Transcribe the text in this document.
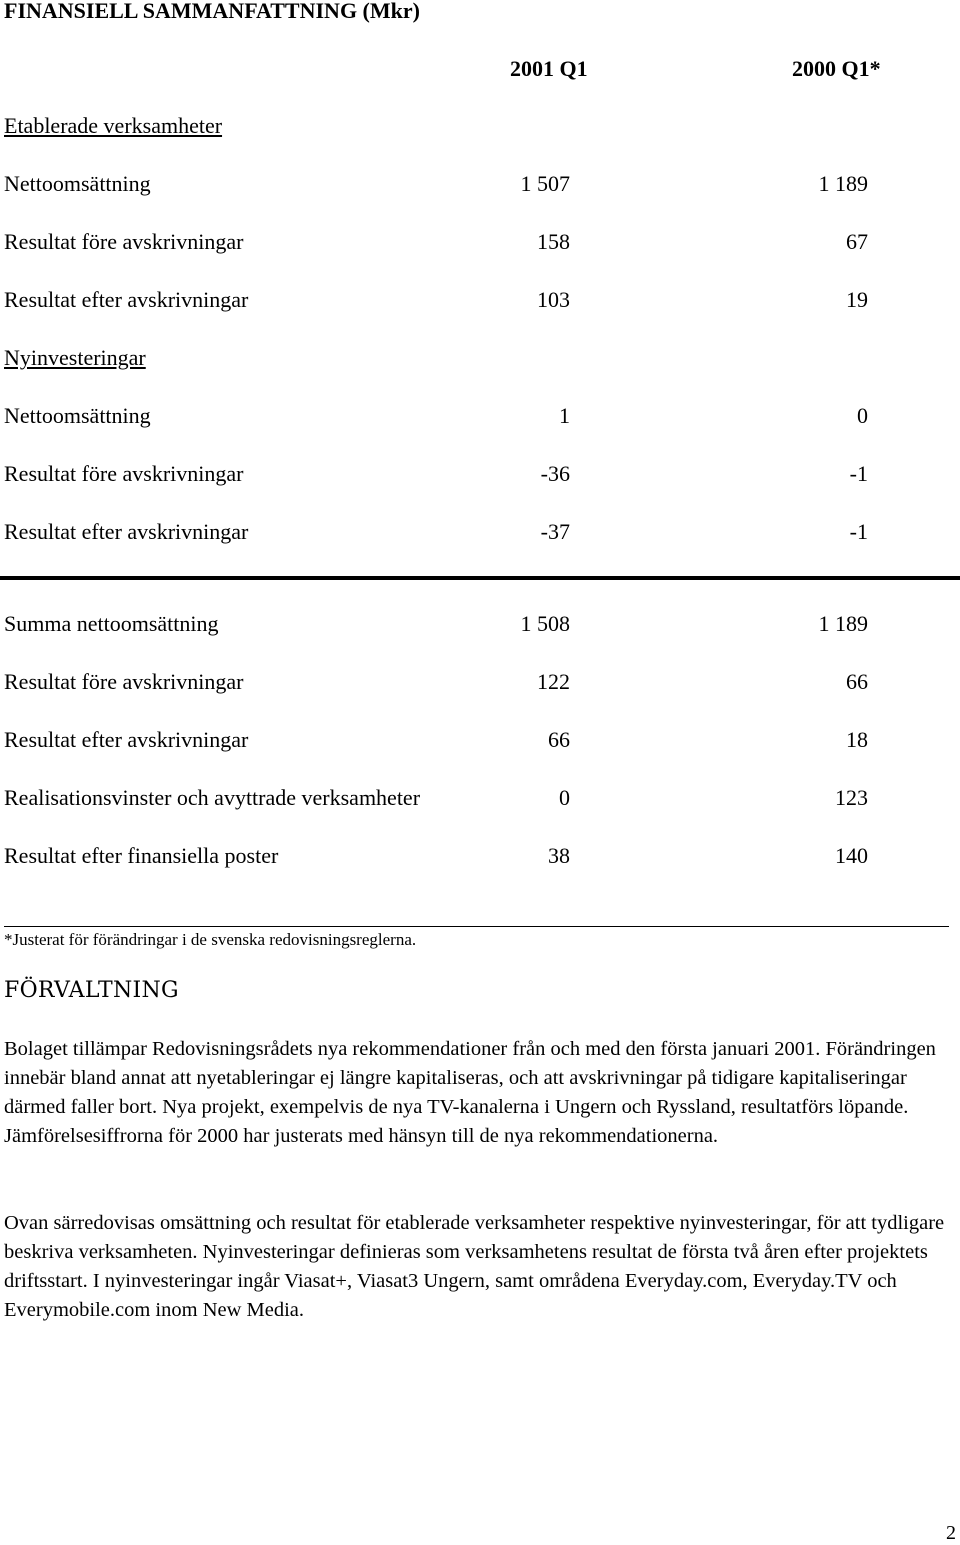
FINANSIELL SAMMANFATTNING (Mkr)
2001 Q1	2000 Q1*
Etablerade verksamheter
Nettoomsättning	1 507	1 189
Resultat före avskrivningar	158	67
Resultat efter avskrivningar	103	19
Nyinvesteringar
Nettoomsättning	1	0
Resultat före avskrivningar	-36	-1
Resultat efter avskrivningar	-37	-1
Summa nettoomsättning	1 508	1 189
Resultat före avskrivningar	122	66
Resultat efter avskrivningar	66	18
Realisationsvinster och avyttrade verksamheter	0	123
Resultat efter finansiella poster	38	140
*Justerat för förändringar i de svenska redovisningsreglerna.
FÖRVALTNING
Bolaget tillämpar Redovisningsrådets nya rekommendationer från och med den första januari 2001. Förändringen innebär bland annat att nyetableringar ej längre kapitaliseras, och att avskrivningar på tidigare kapitaliseringar därmed faller bort. Nya projekt, exempelvis de nya TV-kanalerna i Ungern och Ryssland, resultatförs löpande. Jämförelsesiffrorna för 2000 har justerats med hänsyn till de nya rekommendationerna.
Ovan särredovisas omsättning och resultat för etablerade verksamheter respektive nyinvesteringar, för att tydligare beskriva verksamheten. Nyinvesteringar definieras som verksamhetens resultat de första två åren efter projektets driftsstart. I nyinvesteringar ingår Viasat+, Viasat3 Ungern, samt områdena Everyday.com, Everyday.TV och Everymobile.com inom New Media.
2
